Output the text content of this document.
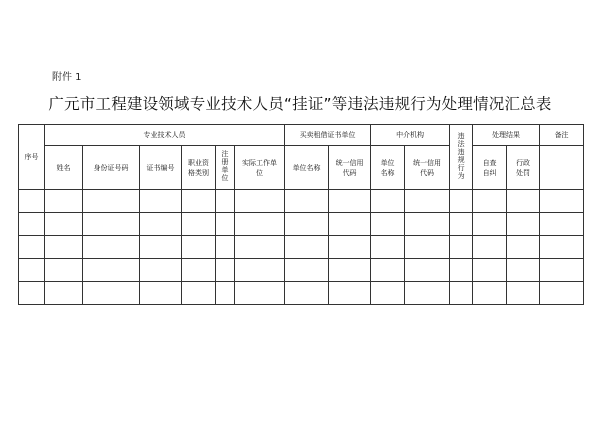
附件 1
广元市工程建设领域专业技术人员“挂证”等违法违规行为处理情况汇总表
序号	专业技术人员						买卖租借证书单位		中介机构		违法违规行为	处理结果		备注
	姓名	身份证号码	证书编号	职业资格类别	注册单位	实际工作单位	单位名称	统一信用代码	单位名称	统一信用代码		自查自纠	行政处罚	
